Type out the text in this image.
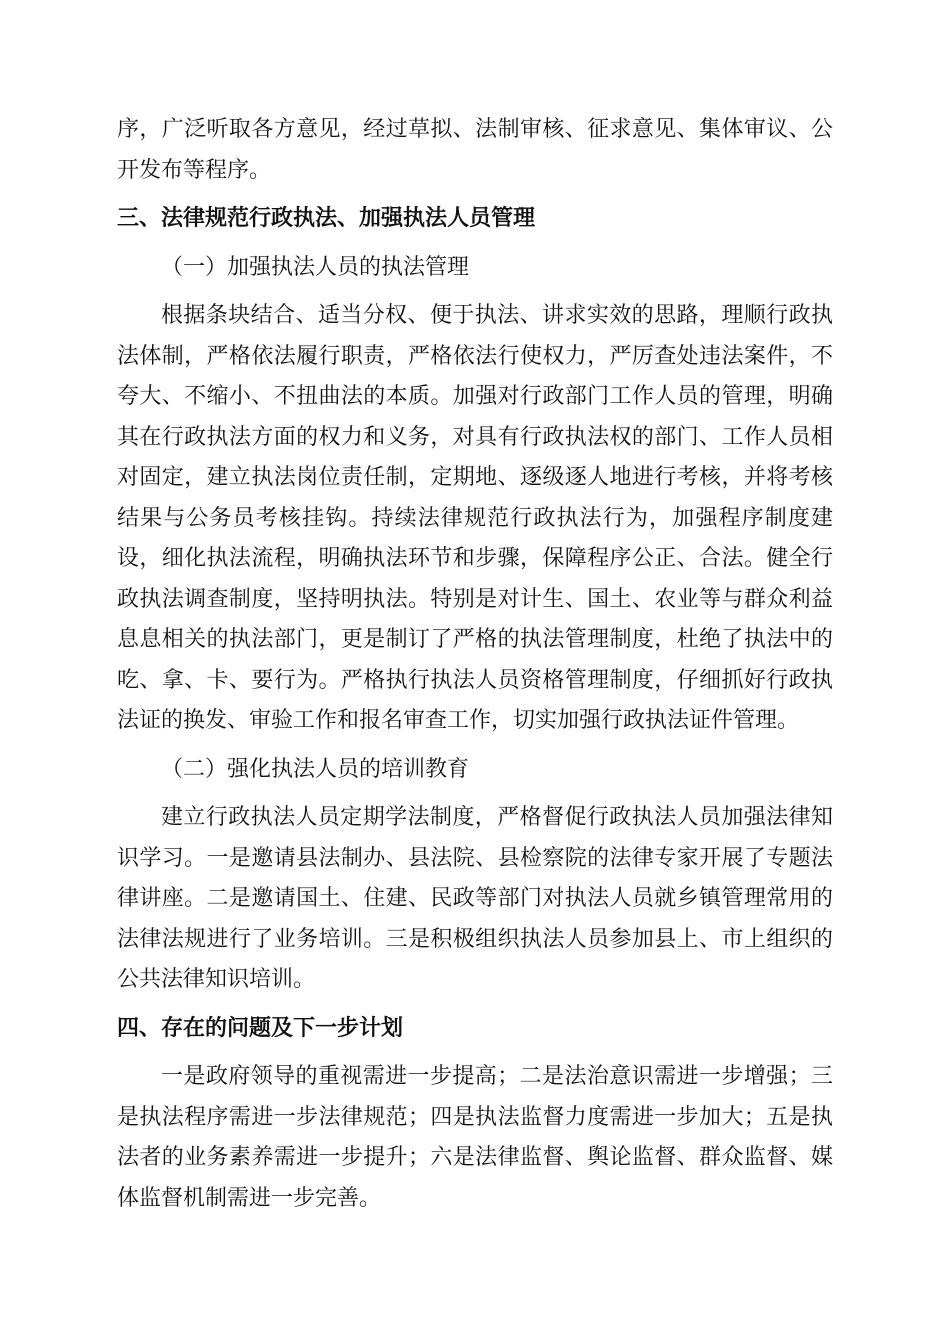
序，广泛听取各方意见，经过草拟、法制审核、征求意见、集体审议、公开发布等程序。

三、法律规范行政执法、加强执法人员管理

（一）加强执法人员的执法管理

根据条块结合、适当分权、便于执法、讲求实效的思路，理顺行政执法体制，严格依法履行职责，严格依法行使权力，严厉查处违法案件，不夸大、不缩小、不扭曲法的本质。加强对行政部门工作人员的管理，明确其在行政执法方面的权力和义务，对具有行政执法权的部门、工作人员相对固定，建立执法岗位责任制，定期地、逐级逐人地进行考核，并将考核结果与公务员考核挂钩。持续法律规范行政执法行为，加强程序制度建设，细化执法流程，明确执法环节和步骤，保障程序公正、合法。健全行政执法调查制度，坚持明执法。特别是对计生、国土、农业等与群众利益息息相关的执法部门，更是制订了严格的执法管理制度，杜绝了执法中的吃、拿、卡、要行为。严格执行执法人员资格管理制度，仔细抓好行政执法证的换发、审验工作和报名审查工作，切实加强行政执法证件管理。

（二）强化执法人员的培训教育

建立行政执法人员定期学法制度，严格督促行政执法人员加强法律知识学习。一是邀请县法制办、县法院、县检察院的法律专家开展了专题法律讲座。二是邀请国土、住建、民政等部门对执法人员就乡镇管理常用的法律法规进行了业务培训。三是积极组织执法人员参加县上、市上组织的公共法律知识培训。

四、存在的问题及下一步计划

一是政府领导的重视需进一步提高；二是法治意识需进一步增强；三是执法程序需进一步法律规范；四是执法监督力度需进一步加大；五是执法者的业务素养需进一步提升；六是法律监督、舆论监督、群众监督、媒体监督机制需进一步完善。
